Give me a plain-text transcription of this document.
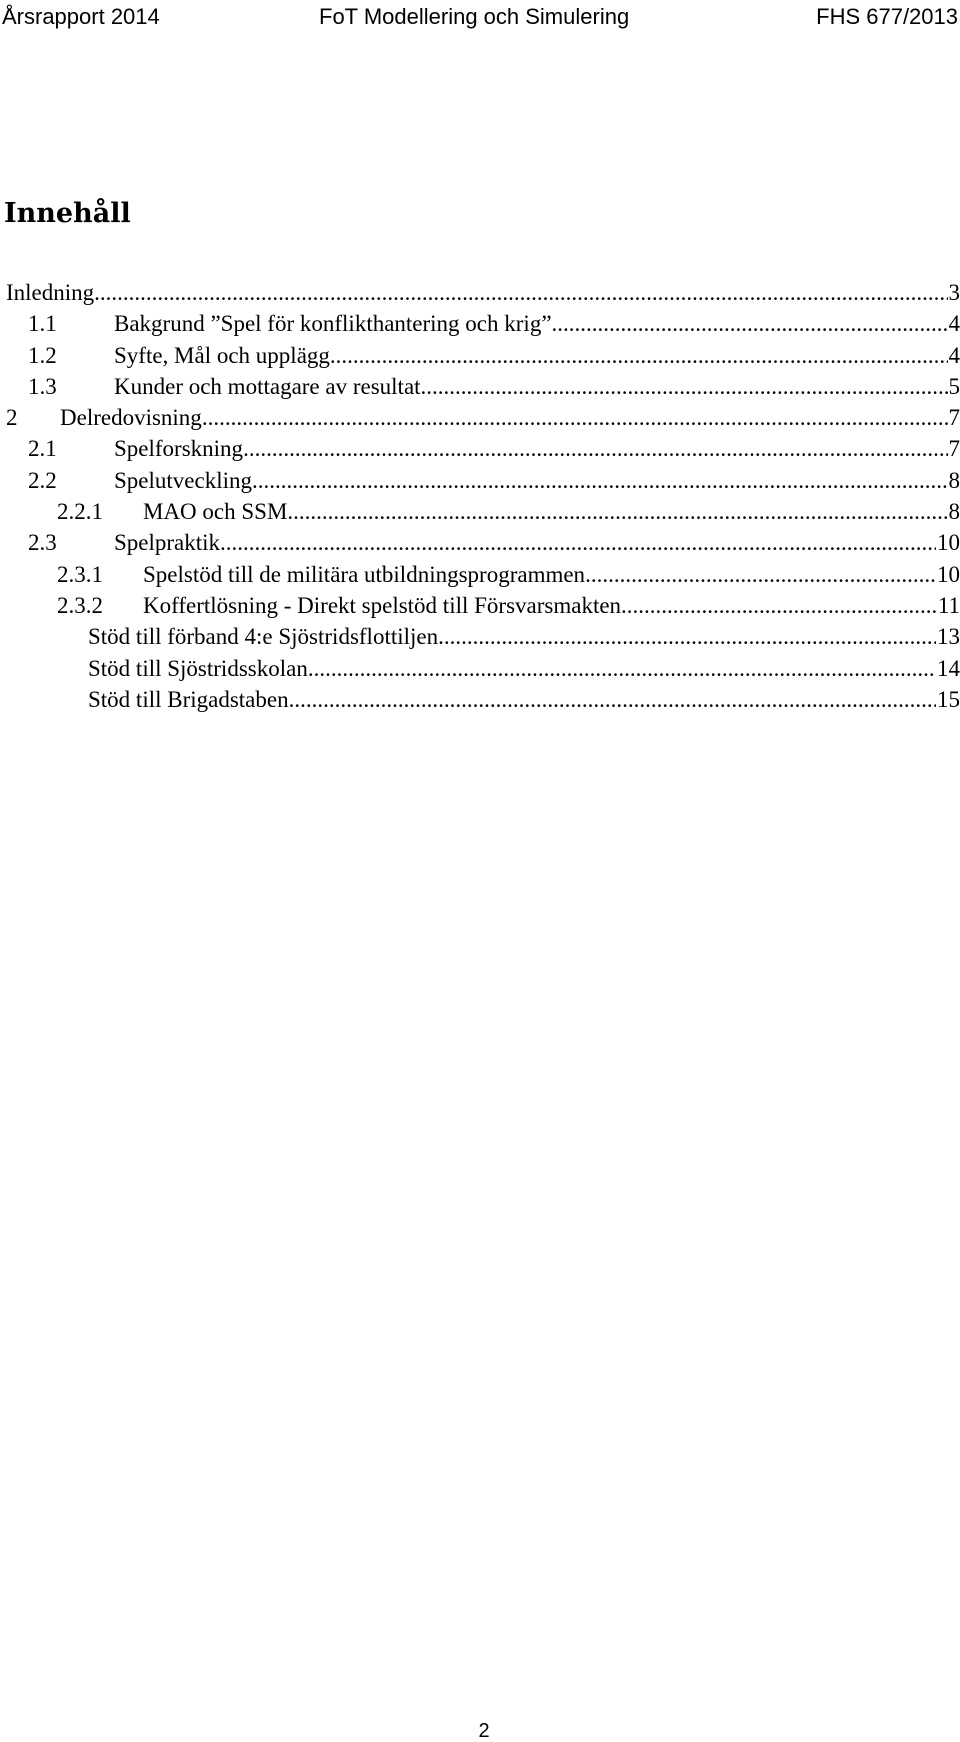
Årsrapport 2014	FoT Modellering och Simulering	FHS 677/2013
Innehåll
Inledning .....	3
1.1	Bakgrund ”Spel för konflikthantering och krig” .....	4
1.2	Syfte, Mål och upplägg .....	4
1.3	Kunder och mottagare av resultat .....	5
2	Delredovisning .....	7
2.1	Spelforskning .....	7
2.2	Spelutveckling .....	8
2.2.1	MAO och SSM .....	8
2.3	Spelpraktik .....	10
2.3.1	Spelstöd till de militära utbildningsprogrammen .....	10
2.3.2	Koffertlösning - Direkt spelstöd till Försvarsmakten .....	11
Stöd till förband 4:e Sjöstridsflottiljen .....	13
Stöd till Sjöstridsskolan .....	14
Stöd till Brigadstaben .....	15
2
